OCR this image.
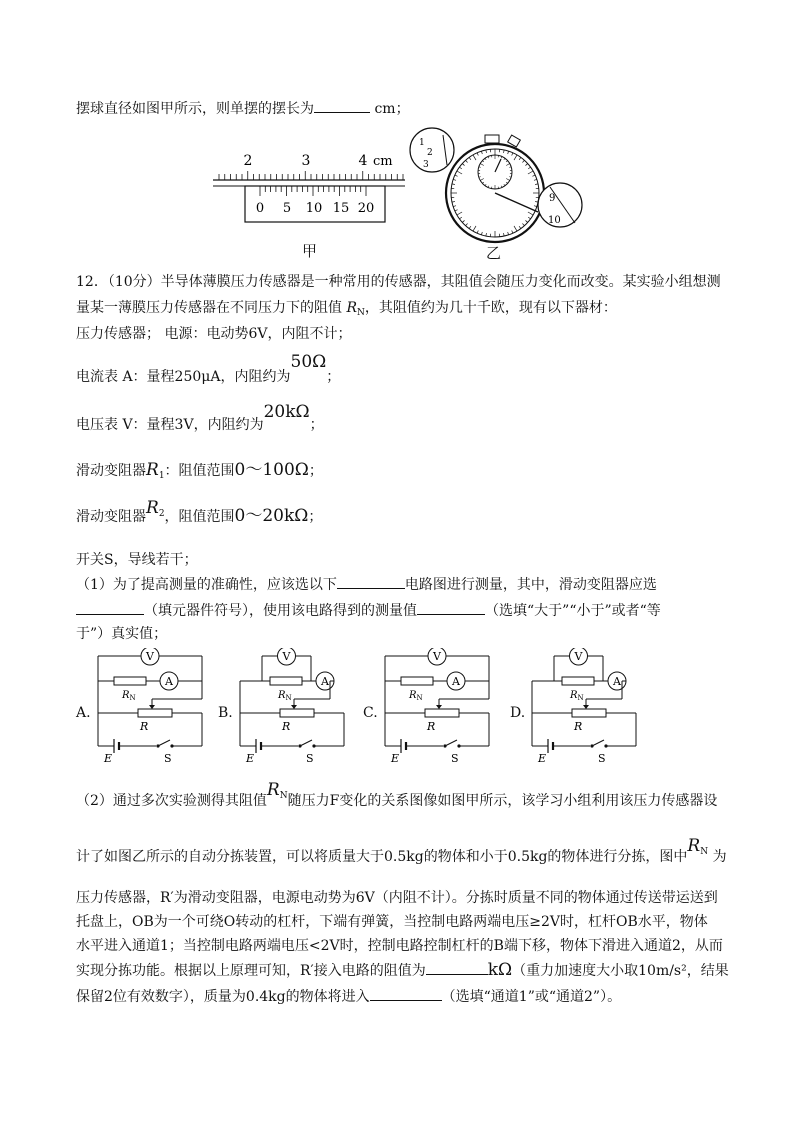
摆球直径如图甲所示，则单摆的摆长为	cm；
2	3	4 cm
0 5 10 15 20
甲
1
2
3
9
10
乙
12．（10分）半导体薄膜压力传感器是一种常用的传感器，其阻值会随压力变化而改变。某实验小组想测
量某一薄膜压力传感器在不同压力下的阻值 $R_N$，其阻值约为几十千欧，现有以下器材：
压力传感器； 电源：电动势6V，内阻不计；
电流表 A：量程250μA，内阻约为50Ω；
电压表 V：量程3V，内阻约为20kΩ；
滑动变阻器$R_1$：阻值范围0～100Ω；
滑动变阻器$R^2$，阻值范围0～20kΩ；
开关S，导线若干；
（1）为了提高测量的准确性，应该选以下	电路图进行测量，其中，滑动变阻器应选
（填元器件符号），使用该电路得到的测量值	（选填“大于”“小于”或者“等
于”）真实值；
A.
A
$R_N$
V
R
E	S
B.
A
$R_N$
V
R
E	S
C.
A
$R_N$
V
R
E	S
D.
A
$R_N$
V
R
E	S
（2）通过多次实验测得其阻值$R^N$随压力F变化的关系图像如图甲所示，该学习小组利用该压力传感器设
计了如图乙所示的自动分拣装置，可以将质量大于0.5kg的物体和小于0.5kg的物体进行分拣，图中$R^N$ 为
压力传感器，R′为滑动变阻器，电源电动势为6V（内阻不计）。分拣时质量不同的物体通过传送带运送到
托盘上，OB为一个可绕O转动的杠杆，下端有弹簧，当控制电路两端电压≥2V时，杠杆OB水平，物体
水平进入通道1；当控制电路两端电压<2V时，控制电路控制杠杆的B端下移，物体下滑进入通道2，从而
实现分拣功能。根据以上原理可知，R′接入电路的阻值为	kΩ（重力加速度大小取10m/s²，结果
保留2位有效数字），质量为0.4kg的物体将进入	（选填“通道1”或“通道2”）。
